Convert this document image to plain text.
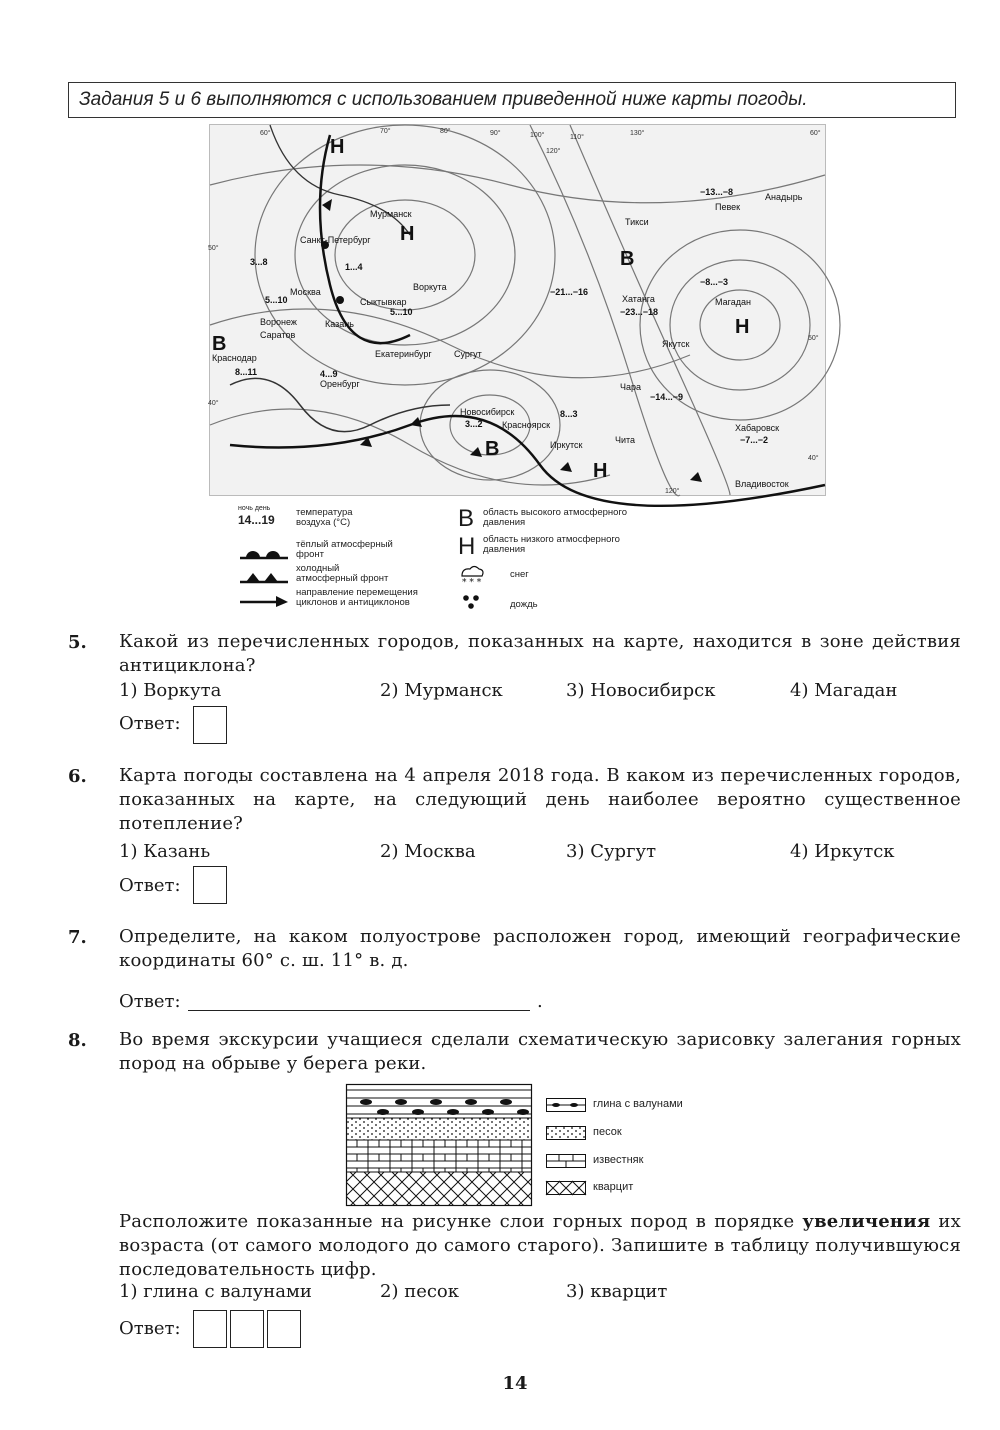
Задания 5 и 6 выполняются с использованием приведенной ниже карты погоды.
Н
Н
В
В
Н
В
Н
Мурманск
Санкт-Петербург
Воркута
Сыктывкар
Москва
Воронеж
Саратов
Казань
Краснодар	Екатеринбург Сургут
Оренбург
Новосибирск
Красноярск
Иркутск	Чита
Хабаровск
Владивосток
Хатанга
Якутск
Чара
Магадан
Певек
Анадырь
Тикси
3...8	1...4
5...10
5...10
8...11	4...9
3...2
8...3
−21...−16
−23...−18
−14...−9
−13...−8
−8...−3
−7...−2
60°	70°	80°	90°	100°	110°
120°
130°	60°
50°
50°
40°
40°
120°
ночь день
14...19
температура воздуха (°С)
тёплый атмосферный фронт
холодный атмосферный фронт
направление перемещения циклонов и антициклонов
В область высокого атмосферного давления
Н область низкого атмосферного давления
* * *
снег
дождь
5. Какой из перечисленных городов, показанных на карте, находится в зоне действия антициклона?
1) Воркута	2) Мурманск	3) Новосибирск	4) Магадан
Ответ:
6. Карта погоды составлена на 4 апреля 2018 года. В каком из перечисленных городов, показанных на карте, на следующий день наиболее вероятно существенное потепление?
1) Казань	2) Москва	3) Сургут	4) Иркутск
Ответ:
7. Определите, на каком полуострове расположен город, имеющий географические координаты 60° с. ш. 11° в. д.
Ответ:	.
8. Во время экскурсии учащиеся сделали схематическую зарисовку залегания горных пород на обрыве у берега реки.
глина с валунами
песок
известняк
кварцит
Расположите показанные на рисунке слои горных пород в порядке увеличения их возраста (от самого молодого до самого старого). Запишите в таблицу получившуюся последовательность цифр.
1) глина с валунами	2) песок	3) кварцит
Ответ:
14
